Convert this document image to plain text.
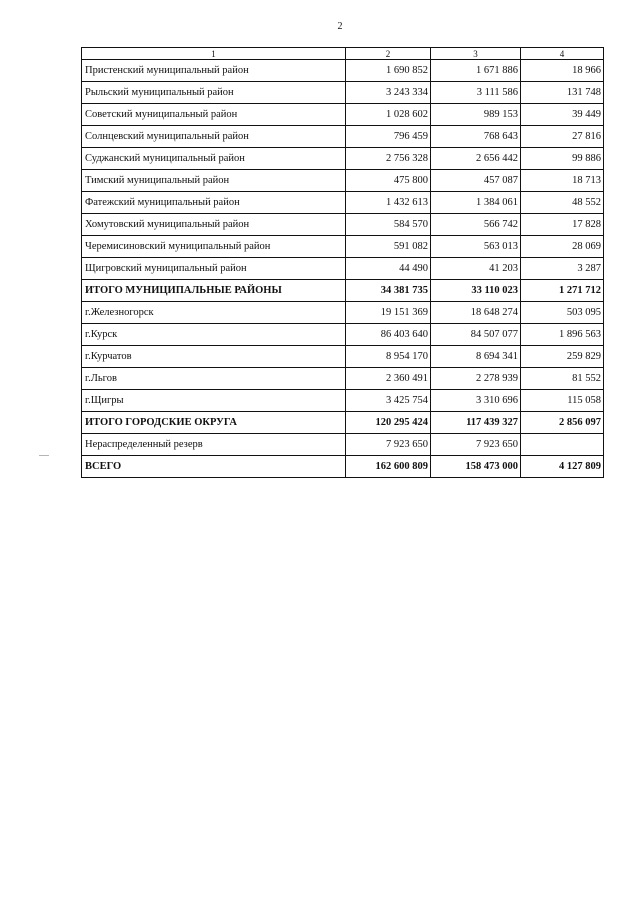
2
1	2	3	4
Пристенский муниципальный район	1 690 852	1 671 886	18 966
Рыльский муниципальный район	3 243 334	3 111 586	131 748
Советский муниципальный район	1 028 602	989 153	39 449
Солнцевский муниципальный район	796 459	768 643	27 816
Суджанский муниципальный район	2 756 328	2 656 442	99 886
Тимский муниципальный район	475 800	457 087	18 713
Фатежский муниципальный район	1 432 613	1 384 061	48 552
Хомутовский муниципальный район	584 570	566 742	17 828
Черемисиновский муниципальный район	591 082	563 013	28 069
Щигровский муниципальный район	44 490	41 203	3 287
ИТОГО МУНИЦИПАЛЬНЫЕ РАЙОНЫ	34 381 735	33 110 023	1 271 712
г.Железногорск	19 151 369	18 648 274	503 095
г.Курск	86 403 640	84 507 077	1 896 563
г.Курчатов	8 954 170	8 694 341	259 829
г.Льгов	2 360 491	2 278 939	81 552
г.Щигры	3 425 754	3 310 696	115 058
ИТОГО ГОРОДСКИЕ ОКРУГА	120 295 424	117 439 327	2 856 097
Нераспределенный резерв	7 923 650	7 923 650	
ВСЕГО	162 600 809	158 473 000	4 127 809
